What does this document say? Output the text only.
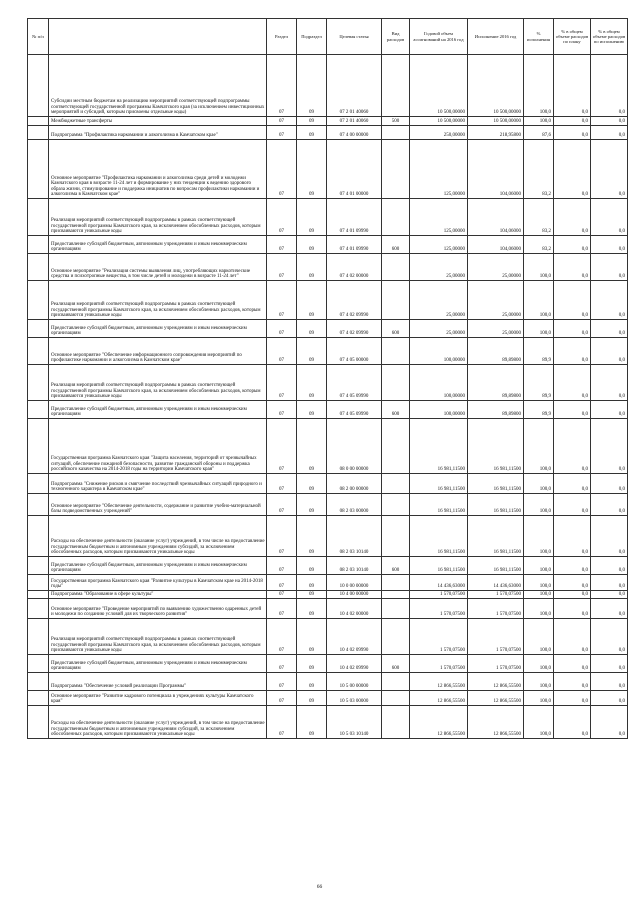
№ п/п		Раздел	Подраздел	Целевая статья	Вид расходов	Годовой объем ассигнований на 2016 год	Исполнение 2016 год	% исполнения	% в общем объеме расходов по плану	% в общем объеме расходов по исполнению
	Субсидии местным бюджетам на реализацию мероприятий соответствующей подпрограммы соответствующей государственной программы Камчатского края (за исключением инвестиционных мероприятий и субсидий, которым присвоены отдельные коды)	07	09	07 2 01 40060		10 500,00000	10 500,00000	100,0	0,0	0,0
	Межбюджетные трансферты	07	09	07 2 01 40060	500	10 500,00000	10 500,00000	100,0	0,0	0,0
	Подпрограмма "Профилактика наркомании и алкоголизма в Камчатском крае"	07	09	07 4 00 00000		250,00000	218,95800	87,6	0,0	0,0
	Основное мероприятие "Профилактика наркомании и алкоголизма среди детей и молодежи Камчатского края в возрасте 11-24 лет и формирование у них тенденции к ведению здорового образа жизни, стимулирование и поддержка инициатив по вопросам профилактики наркомании и алкоголизма в Камчатском крае"	07	09	07 4 01 00000		125,00000	104,06000	83,2	0,0	0,0
	Реализация мероприятий соответствующей подпрограммы в рамках соответствующей государственной программы Камчатского края, за исключением обособленных расходов, которым присваиваются уникальные коды	07	09	07 4 01 09990		125,00000	104,06000	83,2	0,0	0,0
	Предоставление субсидий бюджетным, автономным учреждениям и иным некоммерческим организациям	07	09	07 4 01 09990	600	125,00000	104,06000	83,2	0,0	0,0
	Основное мероприятие "Реализация системы выявления лиц, употребляющих наркотические средства и психотропные вещества, в том числе детей и молодежи в возрасте 11-24 лет"	07	09	07 4 02 00000		25,00000	25,00000	100,0	0,0	0,0
	Реализация мероприятий соответствующей подпрограммы в рамках соответствующей государственной программы Камчатского края, за исключением обособленных расходов, которым присваиваются уникальные коды	07	09	07 4 02 09990		25,00000	25,00000	100,0	0,0	0,0
	Предоставление субсидий бюджетным, автономным учреждениям и иным некоммерческим организациям	07	09	07 4 02 09990	600	25,00000	25,00000	100,0	0,0	0,0
	Основное мероприятие "Обеспечение информационного сопровождения мероприятий по профилактике наркомании и алкоголизма в Камчатском крае"	07	09	07 4 05 00000		100,00000	89,89800	89,9	0,0	0,0
	Реализация мероприятий соответствующей подпрограммы в рамках соответствующей государственной программы Камчатского края, за исключением обособленных расходов, которым присваиваются уникальные коды	07	09	07 4 05 09990		100,00000	89,89800	89,9	0,0	0,0
	Предоставление субсидий бюджетным, автономным учреждениям и иным некоммерческим организациям	07	09	07 4 05 09990	600	100,00000	89,89800	89,9	0,0	0,0
	Государственная программа Камчатского края "Защита населения, территорий от чрезвычайных ситуаций, обеспечение пожарной безопасности, развитие гражданской обороны и поддержка российского казачества на 2014-2018 годы на территории Камчатского края"	07	09	08 0 00 00000		16 981,11500	16 981,11500	100,0	0,0	0,0
	Подпрограмма "Снижение рисков и смягчение последствий чрезвычайных ситуаций природного и техногенного характера в Камчатском крае"	07	09	08 2 00 00000		16 981,11500	16 981,11500	100,0	0,0	0,0
	Основное мероприятие "Обеспечение деятельности, содержание и развитие учебно-материальной базы подведомственных учреждений"	07	09	08 2 03 00000		16 981,11500	16 981,11500	100,0	0,0	0,0
	Расходы на обеспечение деятельности (оказание услуг) учреждений, в том числе на предоставление государственным бюджетным и автономным учреждениям субсидий, за исключением обособленных расходов, которым присваиваются уникальные коды	07	09	08 2 03 10140		16 981,11500	16 981,11500	100,0	0,0	0,0
	Предоставление субсидий бюджетным, автономным учреждениям и иным некоммерческим организациям	07	09	08 2 03 10140	600	16 981,11500	16 981,11500	100,0	0,0	0,0
	Государственная программа Камчатского края "Развитие культуры в Камчатском крае на 2014-2018 годы"	07	09	10 0 00 00000		14 436,63000	14 436,63000	100,0	0,0	0,0
	Подпрограмма "Образование в сфере культуры"	07	09	10 4 00 00000		1 570,07500	1 570,07500	100,0	0,0	0,0
	Основное мероприятие "Проведение мероприятий по выявлению художественно одаренных детей и молодежи по созданию условий для их творческого развития"	07	09	10 4 02 00000		1 570,07500	1 570,07500	100,0	0,0	0,0
	Реализация мероприятий соответствующей подпрограммы в рамках соответствующей государственной программы Камчатского края, за исключением обособленных расходов, которым присваиваются уникальные коды	07	09	10 4 02 09990		1 570,07500	1 570,07500	100,0	0,0	0,0
	Предоставление субсидий бюджетным, автономным учреждениям и иным некоммерческим организациям	07	09	10 4 02 09990	600	1 570,07500	1 570,07500	100,0	0,0	0,0
	Подпрограмма "Обеспечение условий реализации Программы"	07	09	10 5 00 00000		12 866,55500	12 866,55500	100,0	0,0	0,0
	Основное мероприятие "Развитие кадрового потенциала в учреждениях культуры Камчатского края"	07	09	10 5 03 00000		12 866,55500	12 866,55500	100,0	0,0	0,0
	Расходы на обеспечение деятельности (оказание услуг) учреждений, в том числе на предоставление государственным бюджетным и автономным учреждениям субсидий, за исключением обособленных расходов, которым присваиваются уникальные коды	07	09	10 5 03 10140		12 866,55500	12 866,55500	100,0	0,0	0,0
66
